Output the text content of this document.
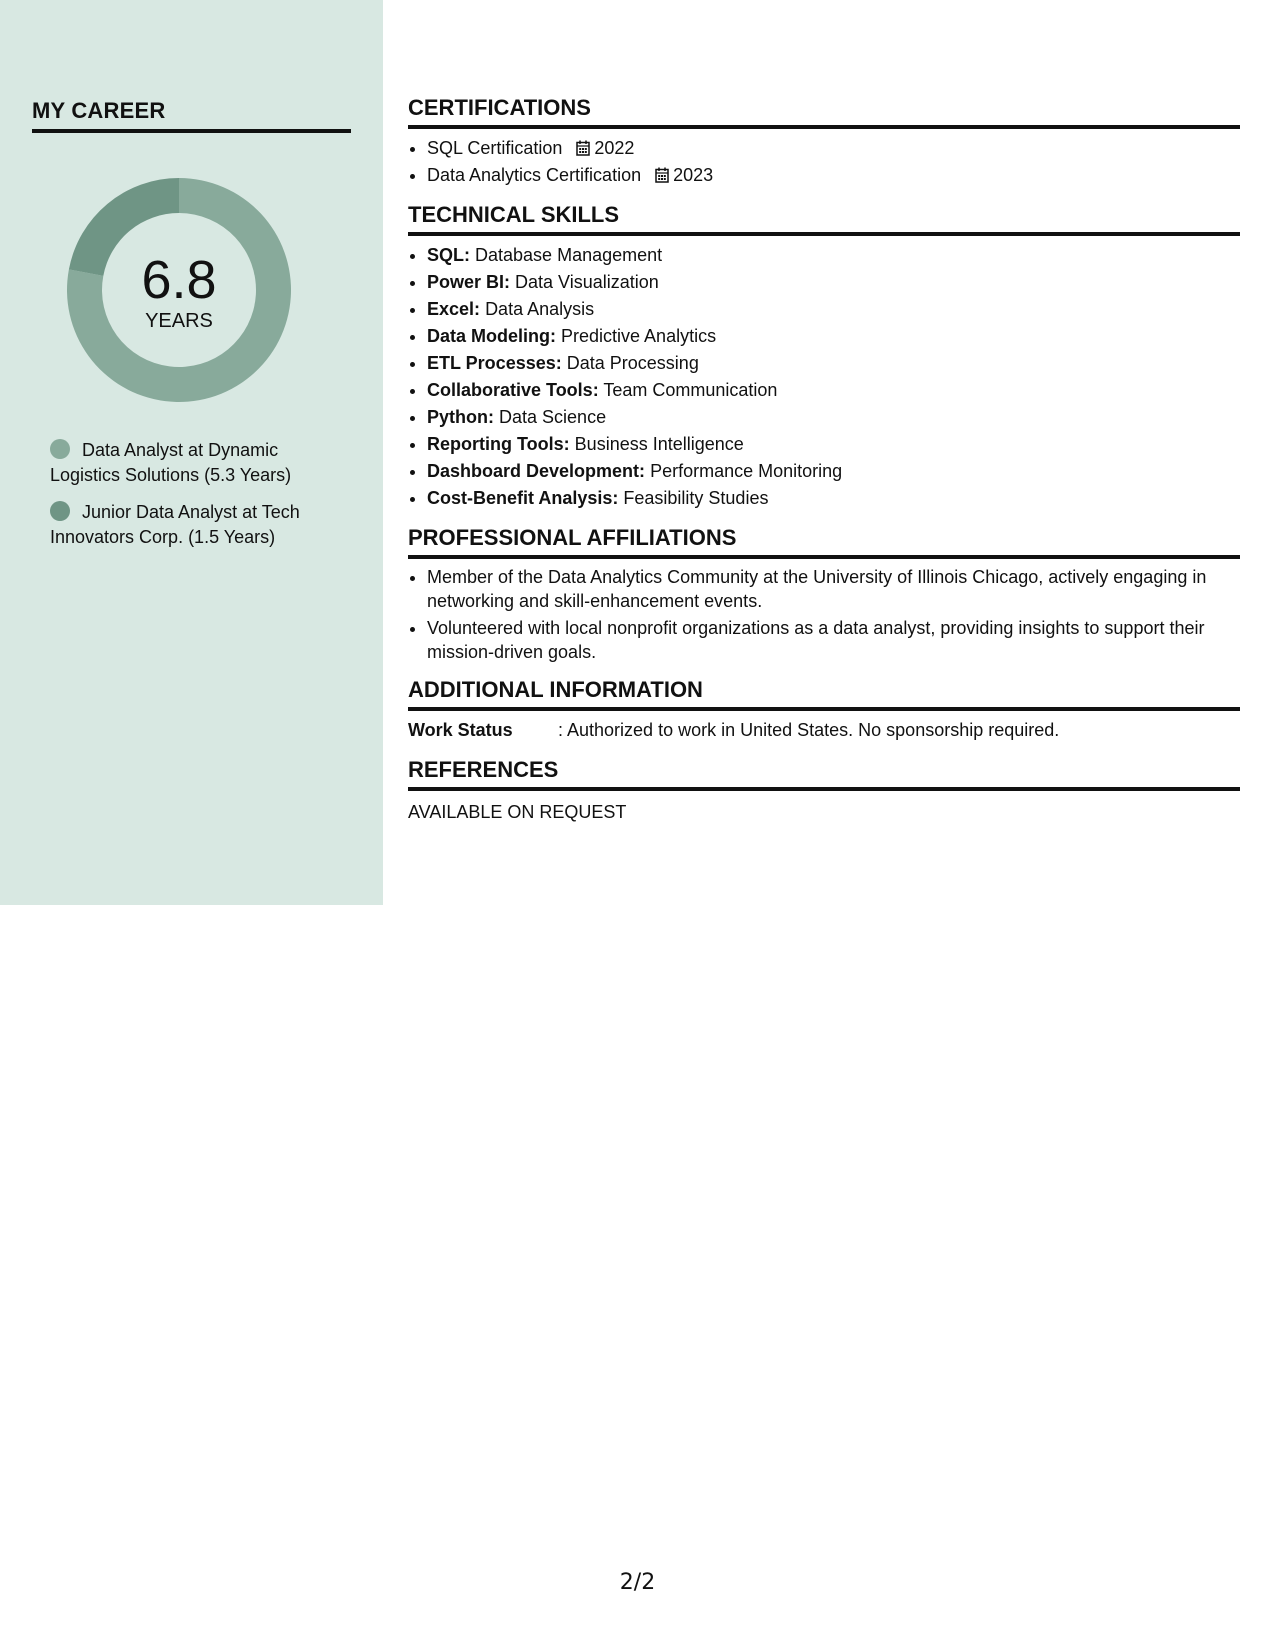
MY CAREER
6.8
YEARS
Data Analyst at Dynamic Logistics Solutions (5.3 Years)
Junior Data Analyst at Tech Innovators Corp. (1.5 Years)
CERTIFICATIONS
• SQL Certification 2022
• Data Analytics Certification 2023
TECHNICAL SKILLS
• SQL: Database Management
• Power BI: Data Visualization
• Excel: Data Analysis
• Data Modeling: Predictive Analytics
• ETL Processes: Data Processing
• Collaborative Tools: Team Communication
• Python: Data Science
• Reporting Tools: Business Intelligence
• Dashboard Development: Performance Monitoring
• Cost-Benefit Analysis: Feasibility Studies
PROFESSIONAL AFFILIATIONS
• Member of the Data Analytics Community at the University of Illinois Chicago, actively engaging in networking and skill-enhancement events.
• Volunteered with local nonprofit organizations as a data analyst, providing insights to support their mission-driven goals.
ADDITIONAL INFORMATION
Work Status	: Authorized to work in United States. No sponsorship required.
REFERENCES
AVAILABLE ON REQUEST
2/2
